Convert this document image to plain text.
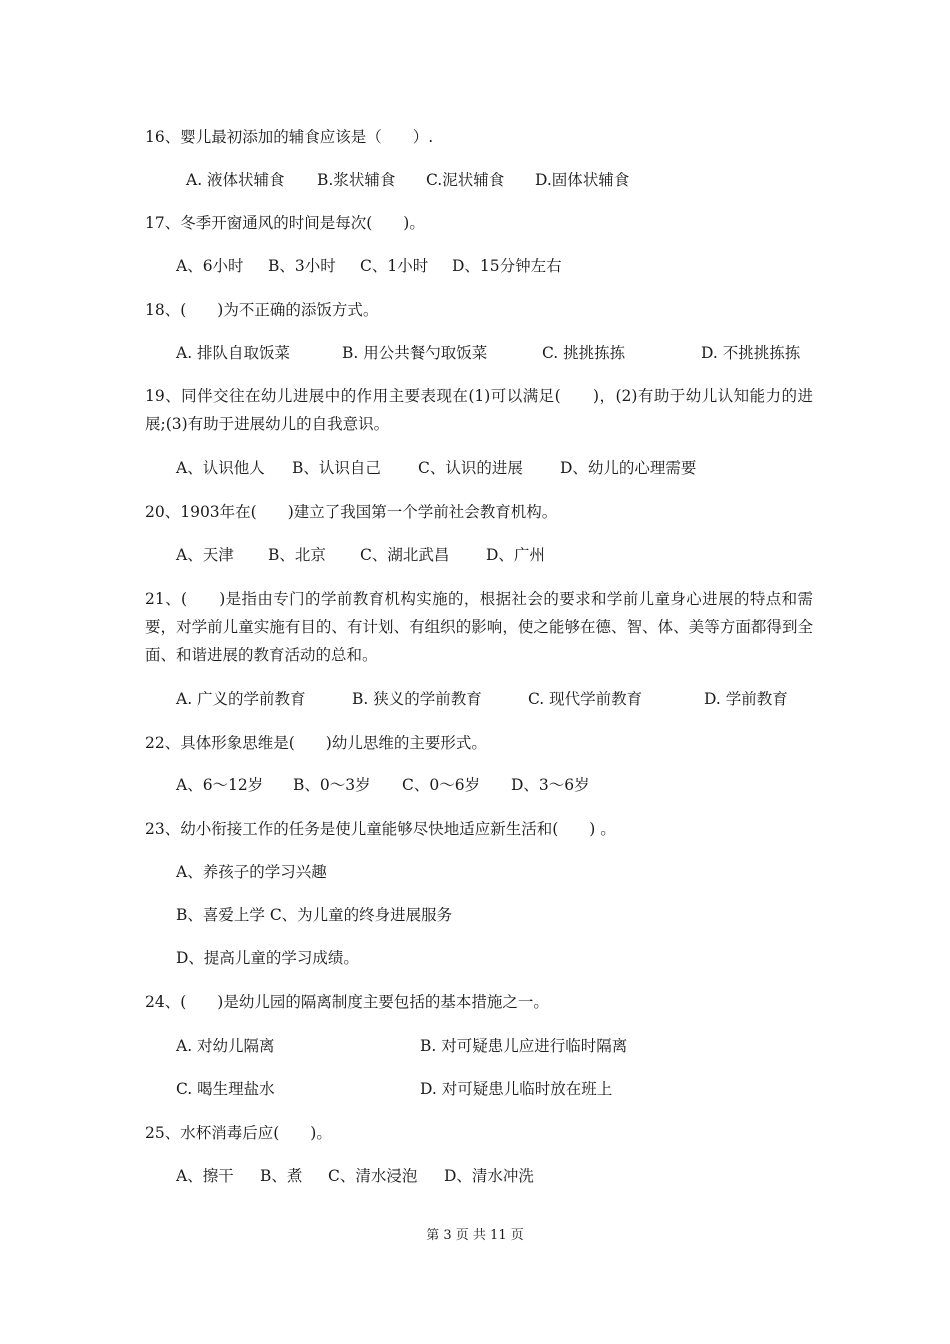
16、婴儿最初添加的辅食应该是（　　）.
A. 液体状辅食 B.浆状辅食 C.泥状辅食 D.固体状辅食
17、冬季开窗通风的时间是每次(　　)。
A、6小时 B、3小时 C、1小时 D、15分钟左右
18、(　　)为不正确的添饭方式。
A. 排队自取饭菜	B. 用公共餐勺取饭菜	C. 挑挑拣拣	D. 不挑挑拣拣
19、同伴交往在幼儿进展中的作用主要表现在(1)可以满足(　　)，(2)有助于幼儿认知能力的进展;(3)有助于进展幼儿的自我意识。
A、认识他人 B、认识自己 C、认识的进展 D、幼儿的心理需要
20、1903年在(　　)建立了我国第一个学前社会教育机构。
A、天津 B、北京 C、湖北武昌 D、广州
21、(　　)是指由专门的学前教育机构实施的，根据社会的要求和学前儿童身心进展的特点和需要，对学前儿童实施有目的、有计划、有组织的影响，使之能够在德、智、体、美等方面都得到全面、和谐进展的教育活动的总和。
A. 广义的学前教育	B. 狭义的学前教育	C. 现代学前教育	D. 学前教育
22、具体形象思维是(　　)幼儿思维的主要形式。
A、6～12岁 B、0～3岁 C、0～6岁 D、3～6岁
23、幼小衔接工作的任务是使儿童能够尽快地适应新生活和(　　) 。
A、养孩子的学习兴趣
B、喜爱上学 C、为儿童的终身进展服务
D、提高儿童的学习成绩。
24、(　　)是幼儿园的隔离制度主要包括的基本措施之一。
A. 对幼儿隔离	B. 对可疑患儿应进行临时隔离
C. 喝生理盐水	D. 对可疑患儿临时放在班上
25、水杯消毒后应(　　)。
A、擦干 B、煮 C、清水浸泡 D、清水冲洗
第 3 页 共 11 页
